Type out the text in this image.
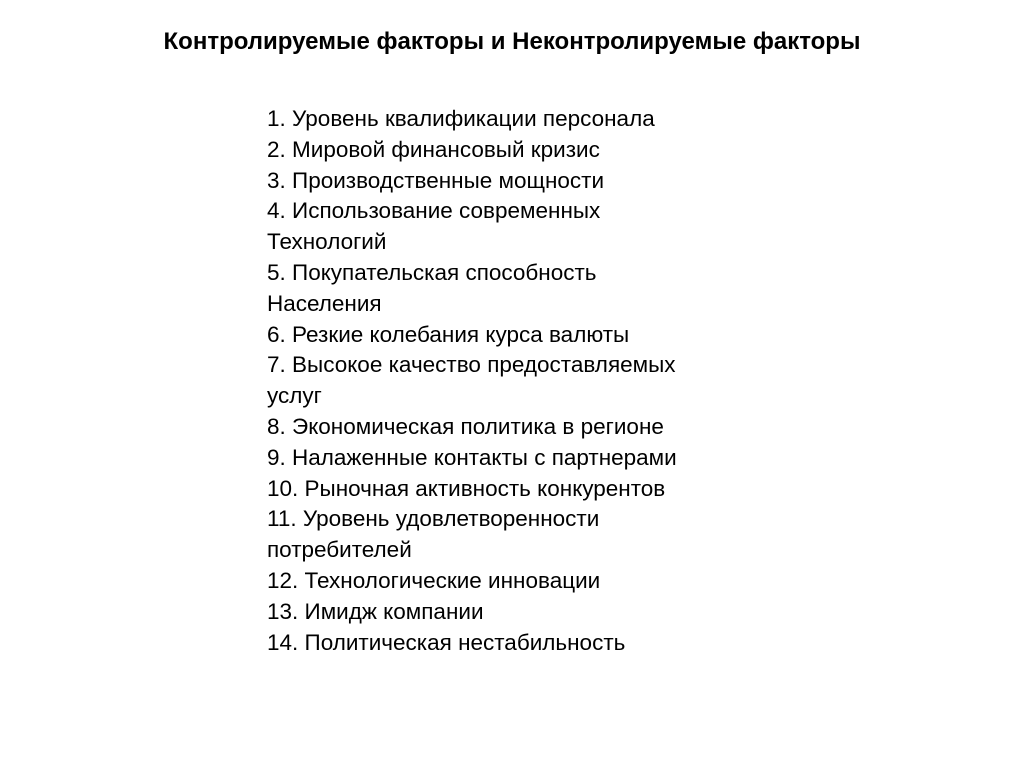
Контролируемые факторы и Неконтролируемые факторы
1. Уровень квалификации персонала
2. Мировой финансовый кризис
3. Производственные мощности
4. Использование современных
Технологий
5. Покупательская способность
Населения
6. Резкие колебания курса валюты
7. Высокое качество предоставляемых
услуг
8. Экономическая политика в регионе
9. Налаженные контакты с партнерами
10. Рыночная активность конкурентов
11. Уровень удовлетворенности
потребителей
12. Технологические инновации
13. Имидж компании
14. Политическая нестабильность
